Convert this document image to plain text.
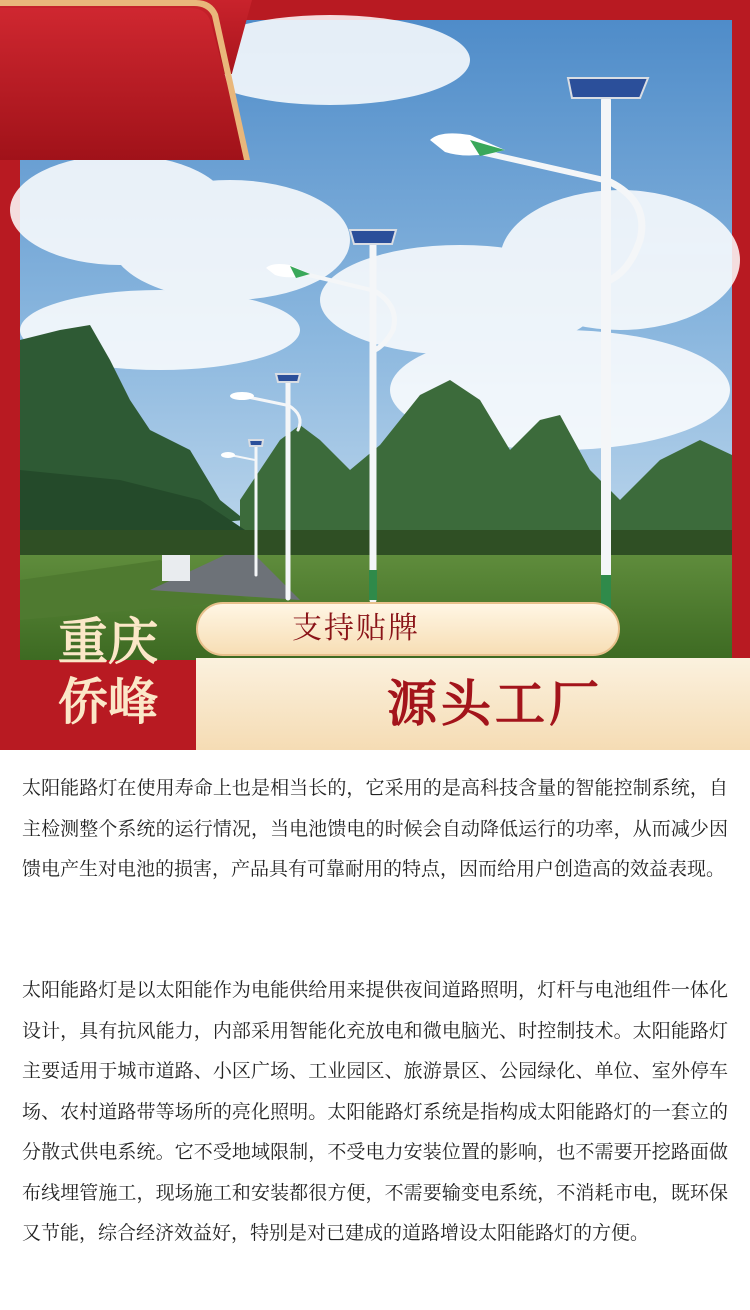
重庆侨峰
支持贴牌
源头工厂

太阳能路灯在使用寿命上也是相当长的，它采用的是高科技含量的智能控制系统，自主检测整个系统的运行情况，当电池馈电的时候会自动降低运行的功率，从而减少因馈电产生对电池的损害，产品具有可靠耐用的特点，因而给用户创造高的效益表现。

太阳能路灯是以太阳能作为电能供给用来提供夜间道路照明，灯杆与电池组件一体化设计，具有抗风能力，内部采用智能化充放电和微电脑光、时控制技术。太阳能路灯主要适用于城市道路、小区广场、工业园区、旅游景区、公园绿化、单位、室外停车场、农村道路带等场所的亮化照明。太阳能路灯系统是指构成太阳能路灯的一套立的分散式供电系统。它不受地域限制，不受电力安装位置的影响，也不需要开挖路面做布线埋管施工，现场施工和安装都很方便，不需要输变电系统，不消耗市电，既环保又节能，综合经济效益好，特别是对已建成的道路增设太阳能路灯的方便。
